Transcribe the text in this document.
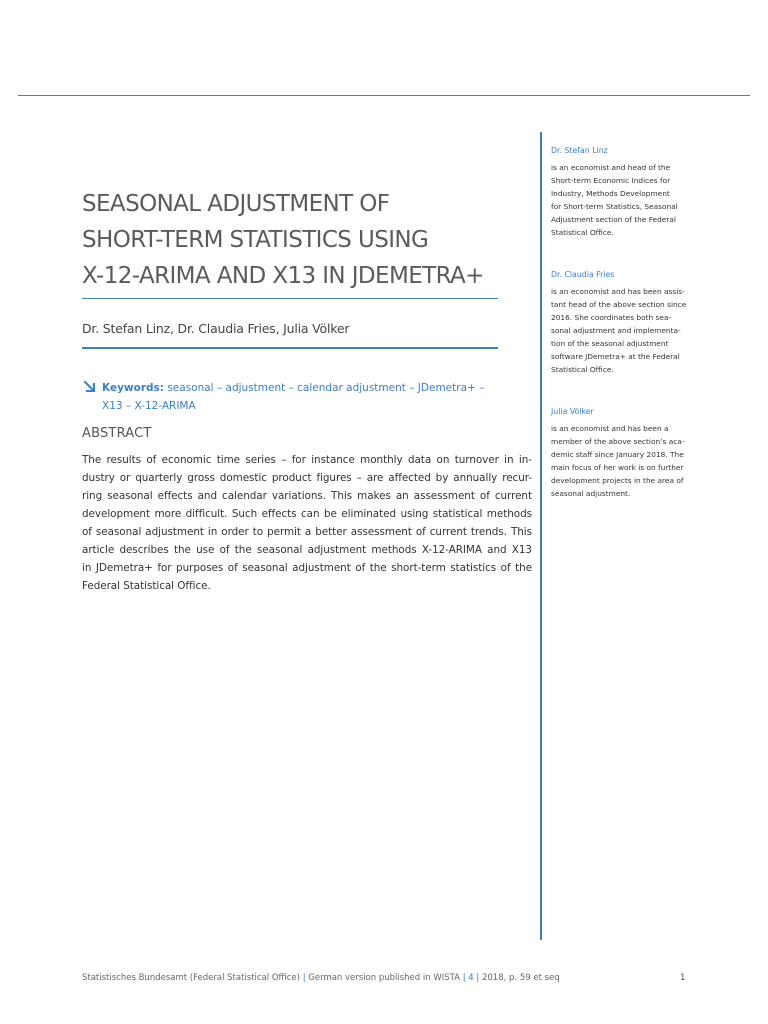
SEASONAL ADJUSTMENT OF
SHORT-TERM STATISTICS USING
X-12-ARIMA AND X13 IN JDEMETRA+
Dr. Stefan Linz, Dr. Claudia Fries, Julia Völker
Keywords: seasonal – adjustment – calendar adjustment – JDemetra+ –
X13 – X-12-ARIMA
ABSTRACT
The results of economic time series – for instance monthly data on turnover in in-
dustry or quarterly gross domestic product figures – are affected by annually recur-
ring seasonal effects and calendar variations. This makes an assessment of current
development more difficult. Such effects can be eliminated using statistical methods
of seasonal adjustment in order to permit a better assessment of current trends. This
article describes the use of the seasonal adjustment methods X-12-ARIMA and X13
in JDemetra+ for purposes of seasonal adjustment of the short-term statistics of the
Federal Statistical Office.
Dr. Stefan Linz
is an economist and head of the
Short-term Economic Indices for
Industry, Methods Development
for Short-term Statistics, Seasonal
Adjustment section of the Federal
Statistical Office.
Dr. Claudia Fries
is an economist and has been assis-
tant head of the above section since
2016. She coordinates both sea-
sonal adjustment and implementa-
tion of the seasonal adjustment
software JDemetra+ at the Federal
Statistical Office.
Julia Völker
is an economist and has been a
member of the above section’s aca-
demic staff since January 2018. The
main focus of her work is on further
development projects in the area of
seasonal adjustment.
Statistisches Bundesamt (Federal Statistical Office) | German version published in WISTA | 4 | 2018, p. 59 et seq	1
